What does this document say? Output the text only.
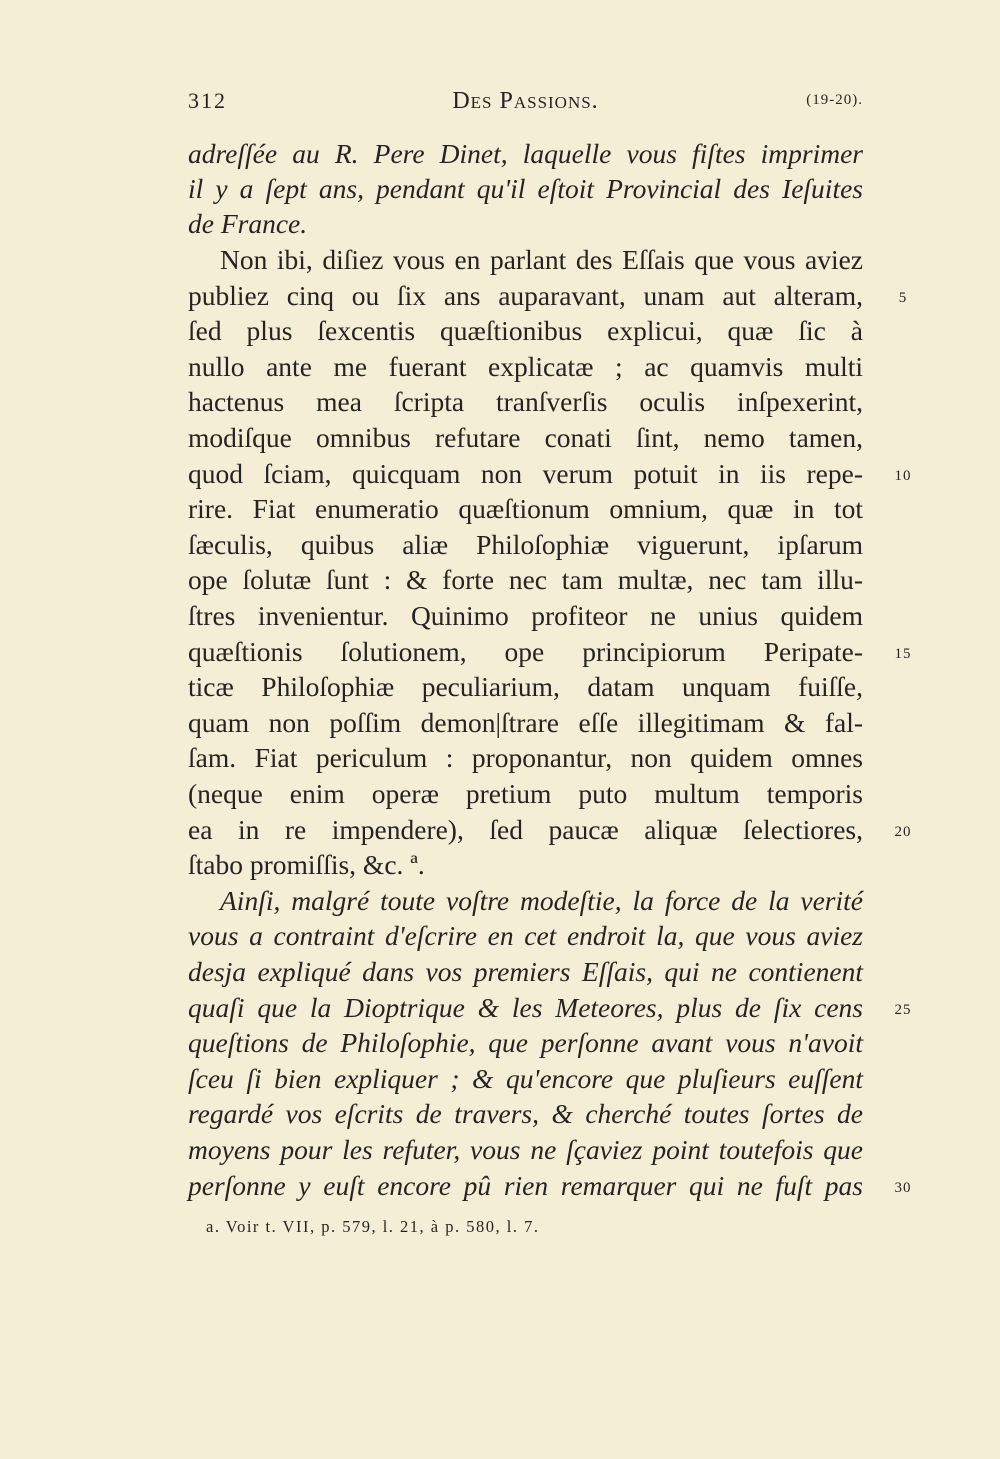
312	Des Passions.	(19-20).
adreſſée au R. Pere Dinet, laquelle vous fiſtes imprimer
il y a ſept ans, pendant qu'il eſtoit Provincial des Ieſuites
de France.
Non ibi, diſiez vous en parlant des Eſſais que vous aviez
publiez cinq ou ſix ans auparavant, unam aut alteram,
ſed plus ſexcentis quæſtionibus explicui, quæ ſic à
nullo ante me fuerant explicatæ ; ac quamvis multi
hactenus mea ſcripta tranſverſis oculis inſpexerint,
modiſque omnibus refutare conati ſint, nemo tamen,
quod ſciam, quicquam non verum potuit in iis repe-
rire. Fiat enumeratio quæſtionum omnium, quæ in tot
ſæculis, quibus aliæ Philoſophiæ viguerunt, ipſarum
ope ſolutæ ſunt : & forte nec tam multæ, nec tam illu-
ſtres invenientur. Quinimo profiteor ne unius quidem
quæſtionis ſolutionem, ope principiorum Peripate-
ticæ Philoſophiæ peculiarium, datam unquam fuiſſe,
quam non poſſim demon|ſtrare eſſe illegitimam & fal-
ſam. Fiat periculum : proponantur, non quidem omnes
(neque enim operæ pretium puto multum temporis
ea in re impendere), ſed paucæ aliquæ ſelectiores,
ſtabo promiſſis, &c. ª.
Ainſi, malgré toute voſtre modeſtie, la force de la verité
vous a contraint d'eſcrire en cet endroit la, que vous aviez
desja expliqué dans vos premiers Eſſais, qui ne contienent
quaſi que la Dioptrique & les Meteores, plus de ſix cens
queſtions de Philoſophie, que perſonne avant vous n'avoit
ſceu ſi bien expliquer ; & qu'encore que pluſieurs euſſent
regardé vos eſcrits de travers, & cherché toutes ſortes de
moyens pour les refuter, vous ne ſçaviez point toutefois que
perſonne y euſt encore pû rien remarquer qui ne fuſt pas
5
10
15
20
25
30
a. Voir t. VII, p. 579, l. 21, à p. 580, l. 7.
